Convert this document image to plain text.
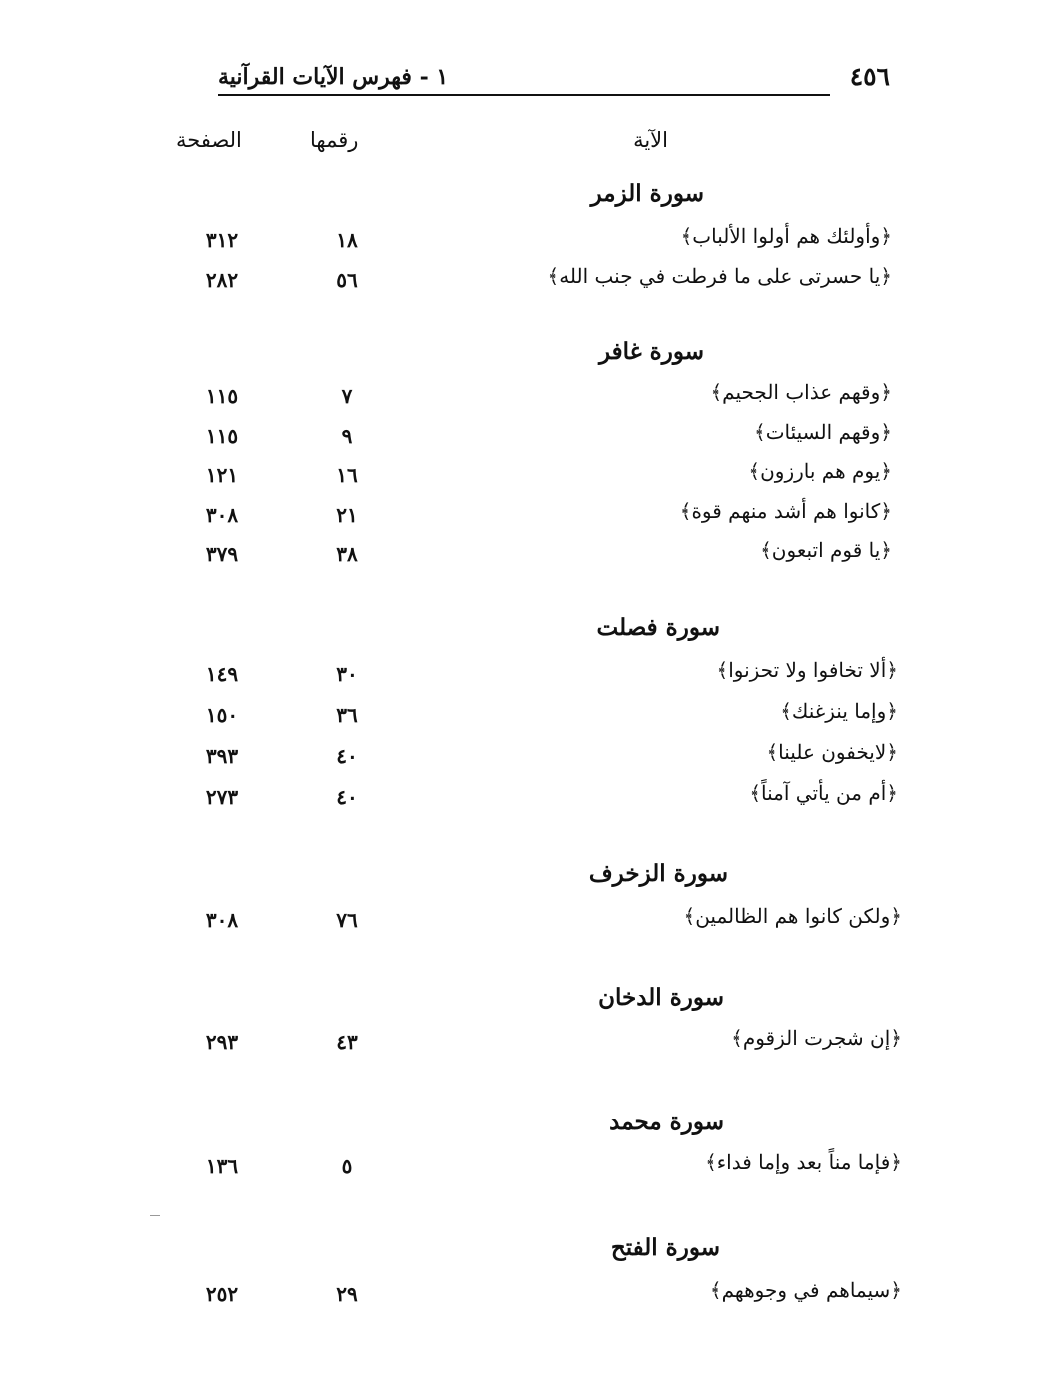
٤٥٦
١ - فهرس الآيات القرآنية
الآية
رقمها
الصفحة
سورة الزمر
﴿وأولئك هم أولوا الألباب﴾
١٨
٣١٢
﴿يا حسرتى على ما فرطت في جنب الله﴾
٥٦
٢٨٢
سورة غافر
﴿وقهم عذاب الجحيم﴾
٧
١١٥
﴿وقهم السيئات﴾
٩
١١٥
﴿يوم هم بارزون﴾
١٦
١٢١
﴿كانوا هم أشد منهم قوة﴾
٢١
٣٠٨
﴿يا قوم اتبعون﴾
٣٨
٣٧٩
سورة فصلت
﴿ألا تخافوا ولا تحزنوا﴾
٣٠
١٤٩
﴿وإما ينزغنك﴾
٣٦
١٥٠
﴿لايخفون علينا﴾
٤٠
٣٩٣
﴿أم من يأتي آمناً﴾
٤٠
٢٧٣
سورة الزخرف
﴿ولكن كانوا هم الظالمين﴾
٧٦
٣٠٨
سورة الدخان
﴿إن شجرت الزقوم﴾
٤٣
٢٩٣
سورة محمد
﴿فإما مناً بعد وإما فداء﴾
٥
١٣٦
سورة الفتح
﴿سيماهم في وجوههم﴾
٢٩
٢٥٢
